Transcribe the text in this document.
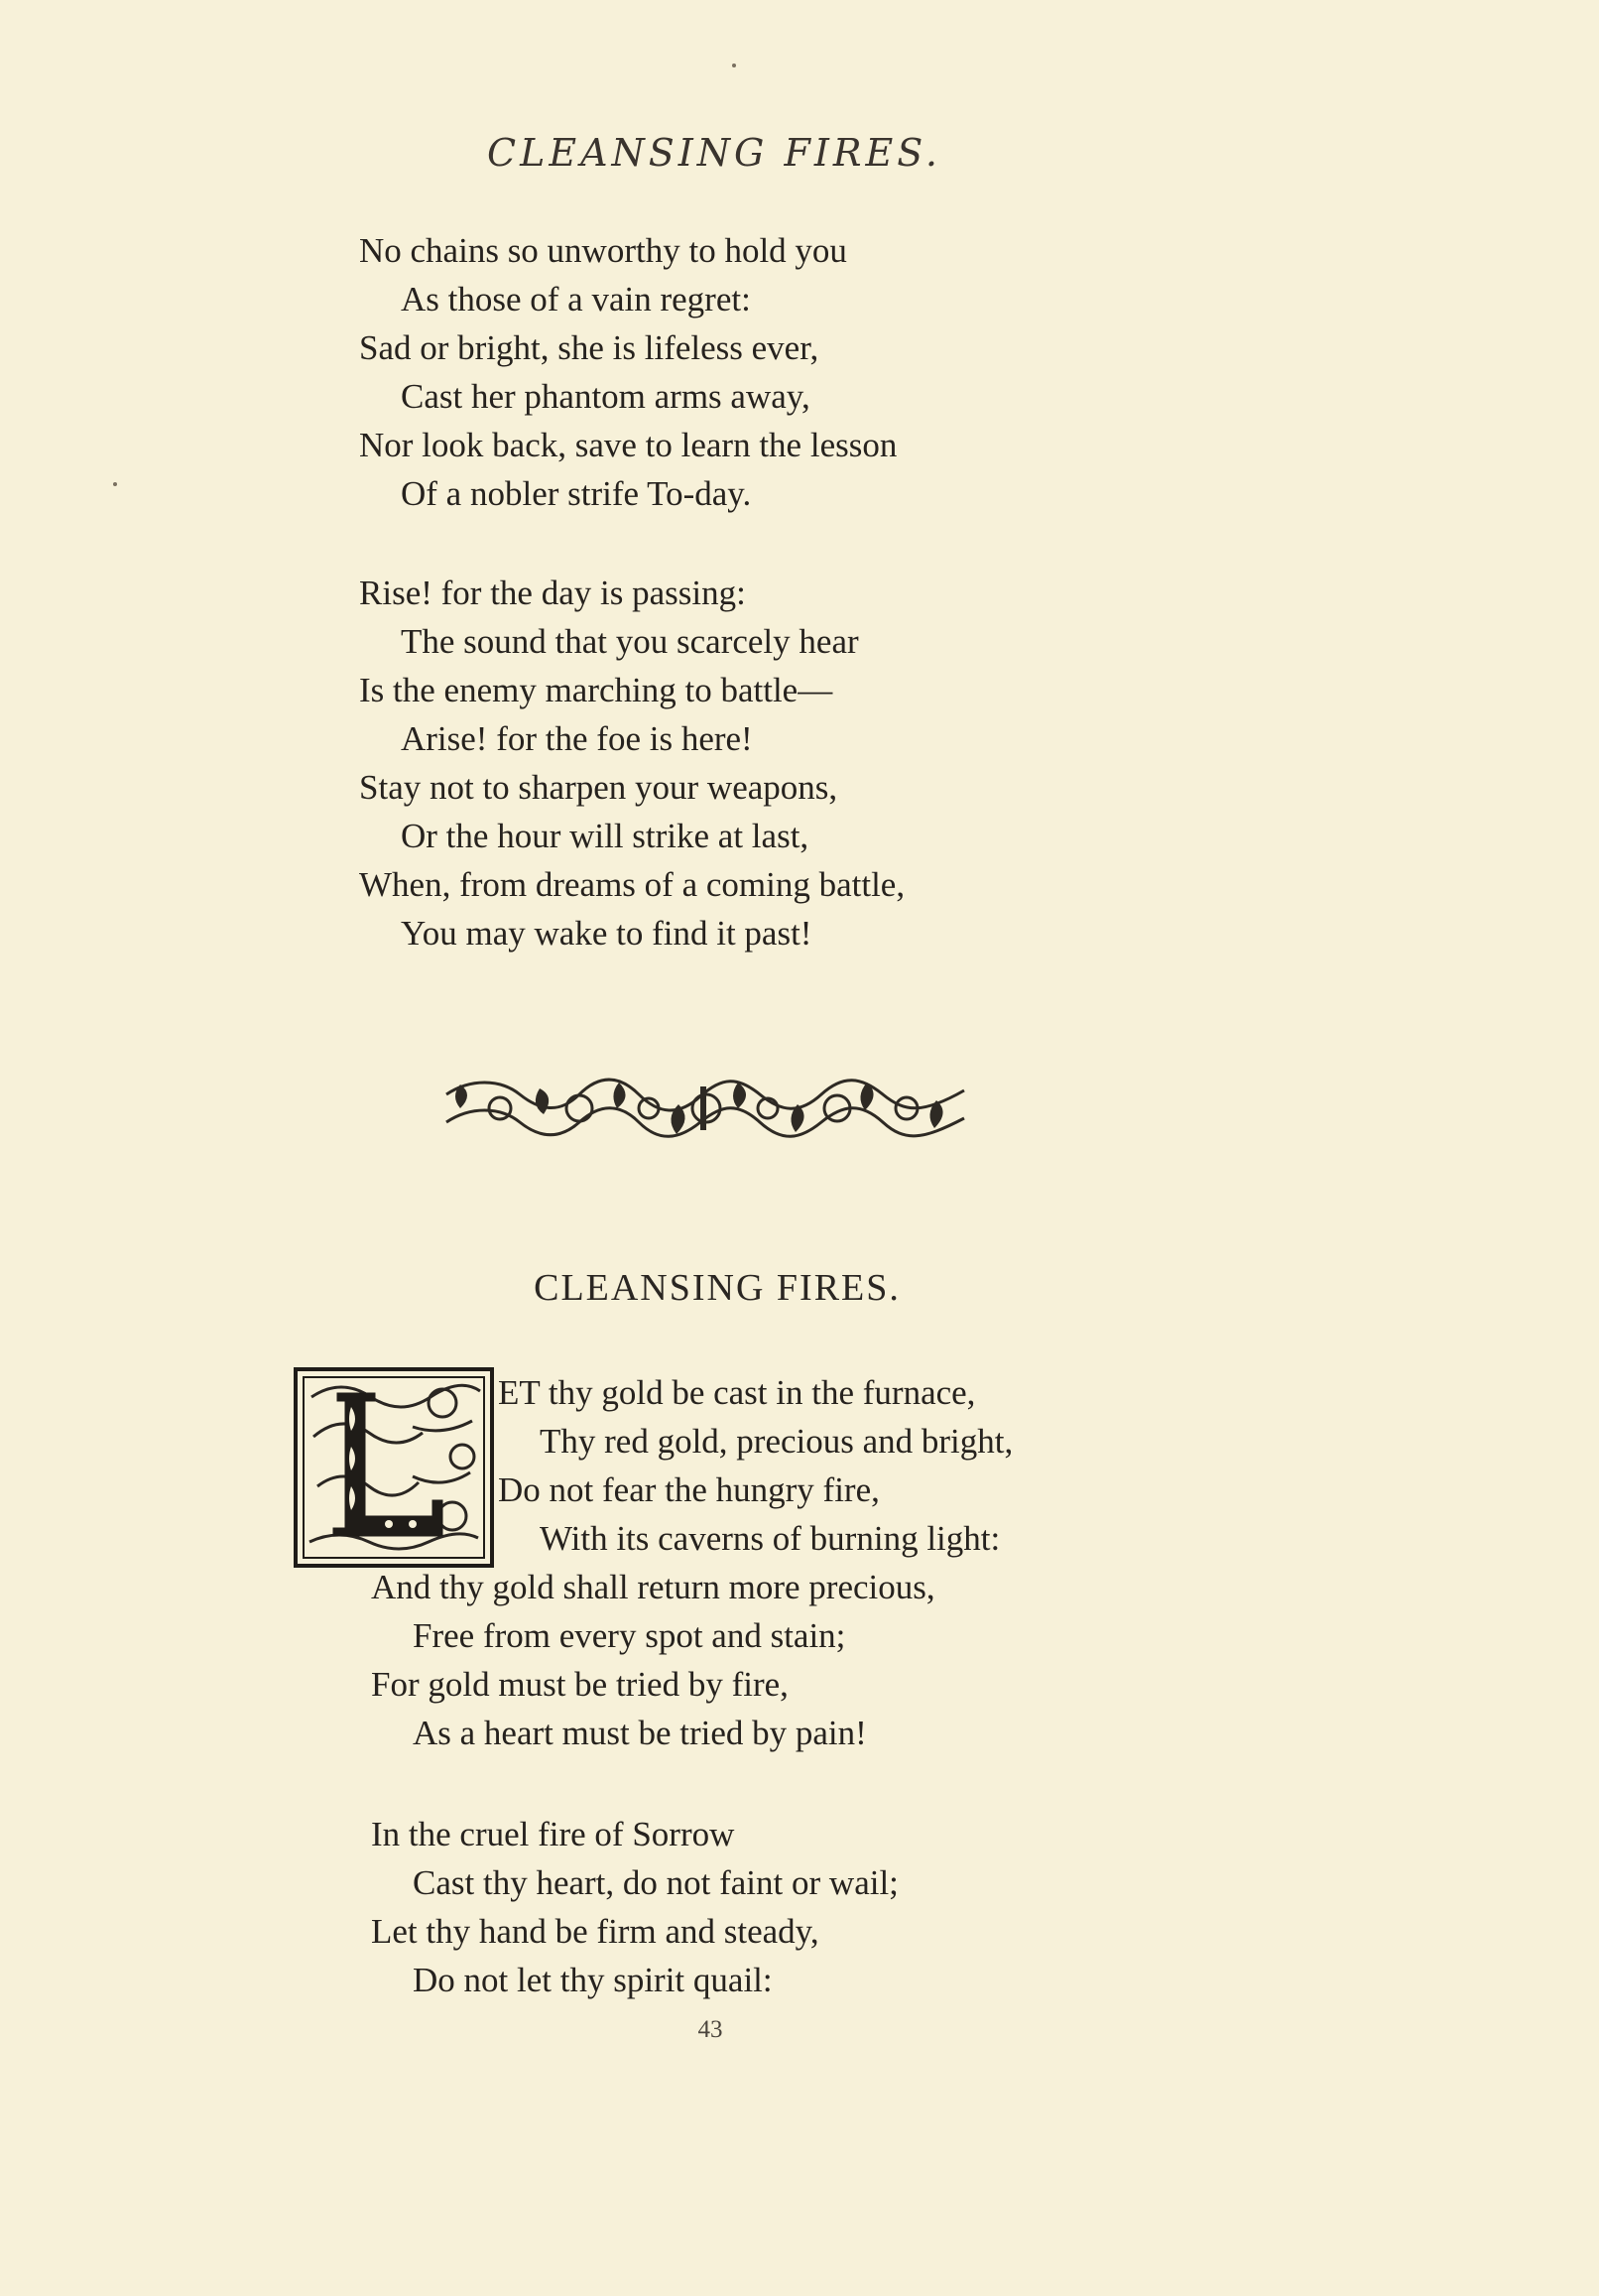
CLEANSING FIRES.
No chains so unworthy to hold you
As those of a vain regret:
Sad or bright, she is lifeless ever,
Cast her phantom arms away,
Nor look back, save to learn the lesson
Of a nobler strife To-day.
Rise! for the day is passing:
The sound that you scarcely hear
Is the enemy marching to battle—
Arise! for the foe is here!
Stay not to sharpen your weapons,
Or the hour will strike at last,
When, from dreams of a coming battle,
You may wake to find it past!
CLEANSING FIRES.
ET thy gold be cast in the furnace,
Thy red gold, precious and bright,
Do not fear the hungry fire,
With its caverns of burning light:
And thy gold shall return more precious,
Free from every spot and stain;
For gold must be tried by fire,
As a heart must be tried by pain!
In the cruel fire of Sorrow
Cast thy heart, do not faint or wail;
Let thy hand be firm and steady,
Do not let thy spirit quail:
43
